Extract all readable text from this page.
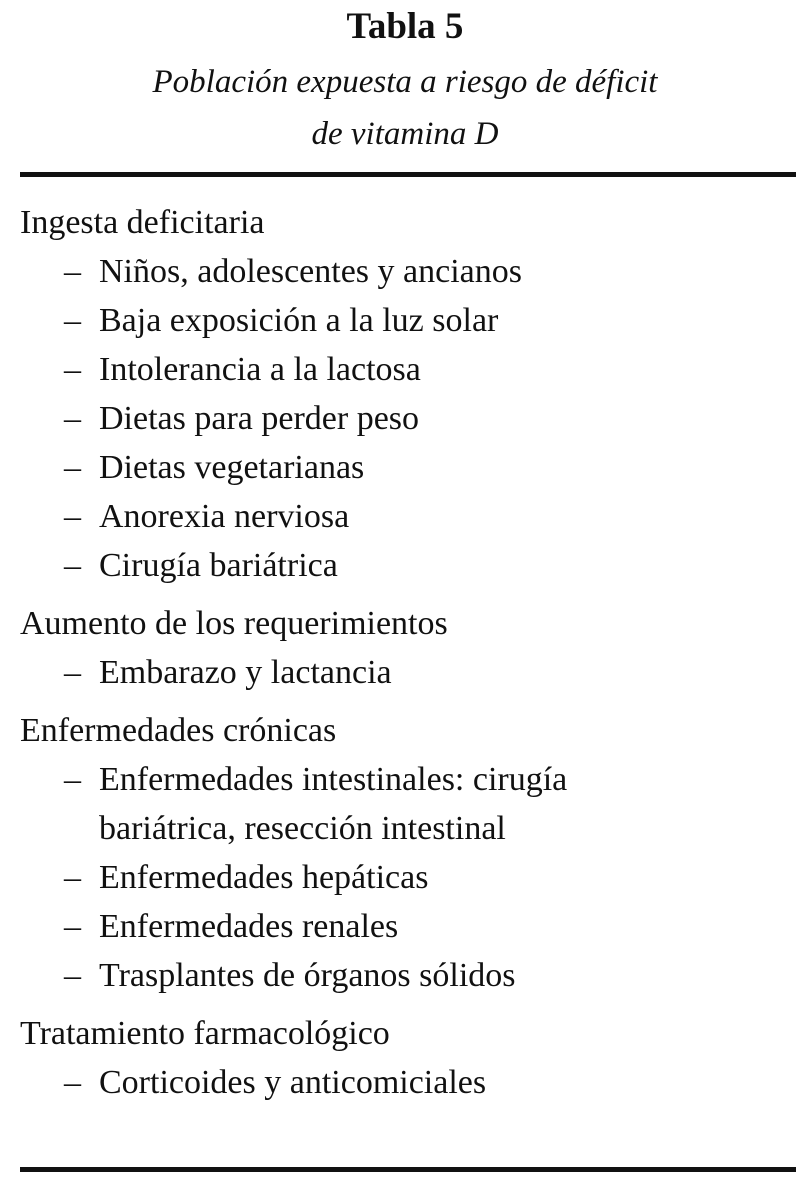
Tabla 5
Población expuesta a riesgo de déficit
de vitamina D
Ingesta deficitaria
– Niños, adolescentes y ancianos
– Baja exposición a la luz solar
– Intolerancia a la lactosa
– Dietas para perder peso
– Dietas vegetarianas
– Anorexia nerviosa
– Cirugía bariátrica
Aumento de los requerimientos
– Embarazo y lactancia
Enfermedades crónicas
– Enfermedades intestinales: cirugía
bariátrica, resección intestinal
– Enfermedades hepáticas
– Enfermedades renales
– Trasplantes de órganos sólidos
Tratamiento farmacológico
– Corticoides y anticomiciales
